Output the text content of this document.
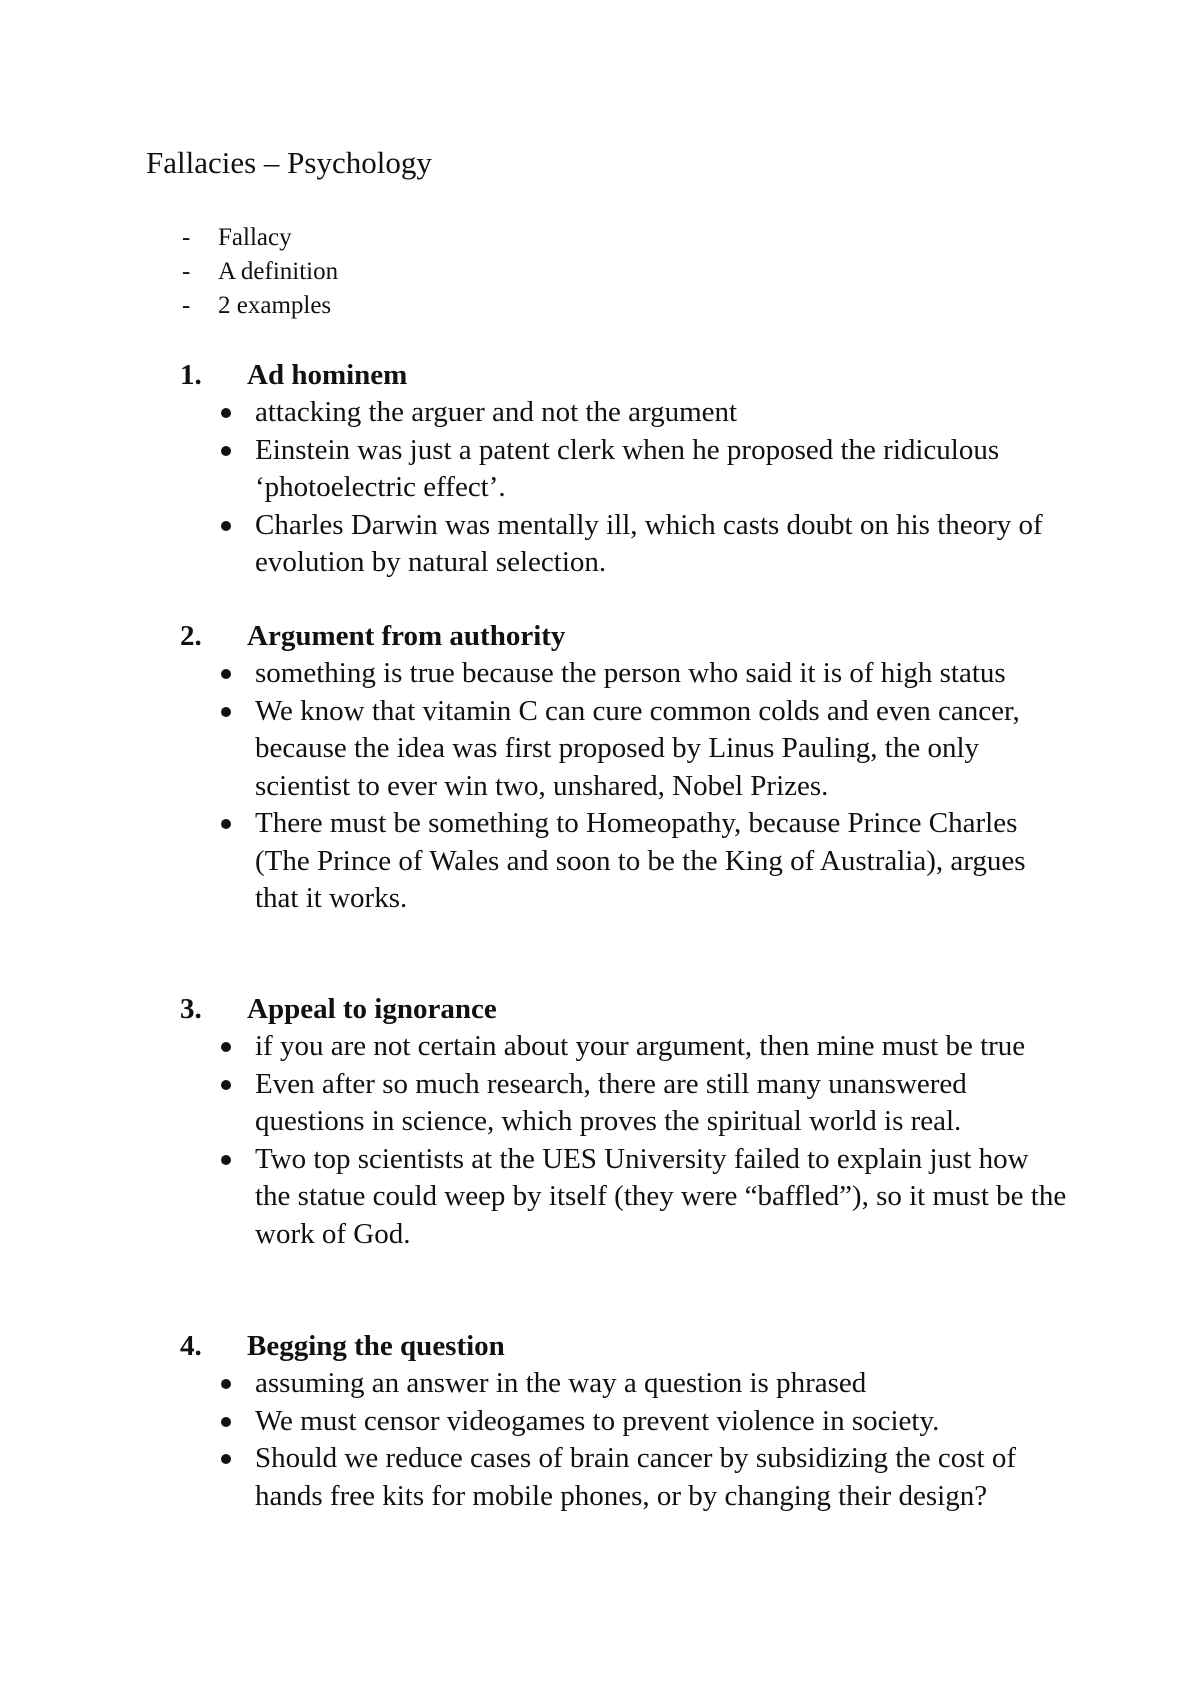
Fallacies – Psychology
- Fallacy
- A definition
- 2 examples
1. Ad hominem
attacking the arguer and not the argument
Einstein was just a patent clerk when he proposed the ridiculous ‘photoelectric effect’.
Charles Darwin was mentally ill, which casts doubt on his theory of evolution by natural selection.
2. Argument from authority
something is true because the person who said it is of high status
We know that vitamin C can cure common colds and even cancer, because the idea was first proposed by Linus Pauling, the only scientist to ever win two, unshared, Nobel Prizes.
There must be something to Homeopathy, because Prince Charles (The Prince of Wales and soon to be the King of Australia), argues that it works.
3. Appeal to ignorance
if you are not certain about your argument, then mine must be true
Even after so much research, there are still many unanswered questions in science, which proves the spiritual world is real.
Two top scientists at the UES University failed to explain just how the statue could weep by itself (they were “baffled”), so it must be the work of God.
4. Begging the question
assuming an answer in the way a question is phrased
We must censor videogames to prevent violence in society.
Should we reduce cases of brain cancer by subsidizing the cost of hands free kits for mobile phones, or by changing their design?
